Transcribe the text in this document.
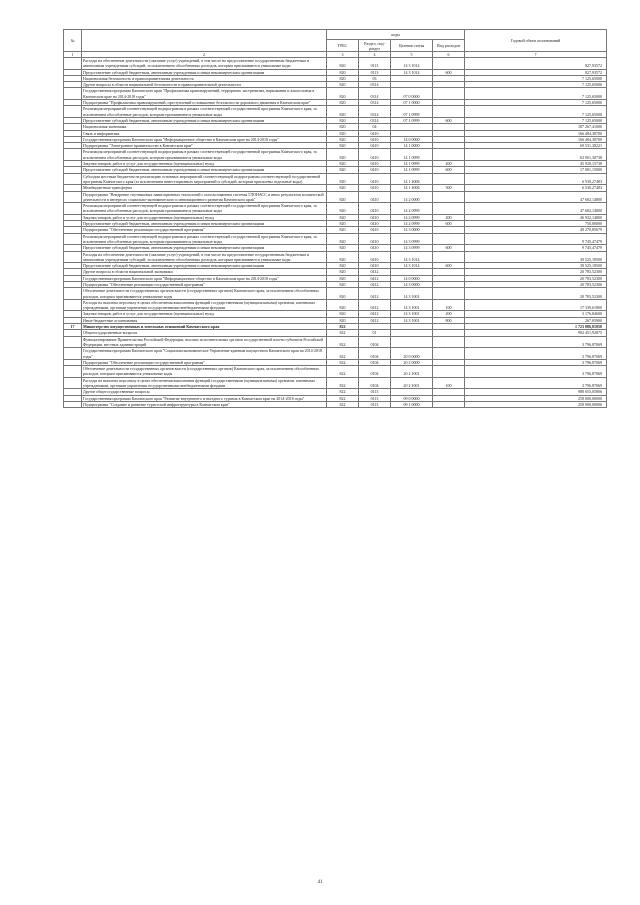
№		коды				Годовой объем ассигнований
		ГРБС	Раздел, под-раздел	Целевая статья	Вид расходов	
1	2	3	4	5	6	7
	Расходы на обеспечение деятельности (оказание услуг) учреждений, в том числе на предоставление государственным бюджетным и автономным учреждениям субсидий, за исключением обособленных расходов, которым присваиваются уникальные коды	820	0113	14 3 1014		827,93572
	Предоставление субсидий бюджетным, автономным учреждениям и иным некоммерческим организациям	820	0113	14 3 1014	600	827,93572
	Национальная безопасность и правоохранительная деятельность	820	03			7 125,65000
	Другие вопросы в области национальной безопасности и правоохранительной деятельности	820	0314			7 125,65000
	Государственная программа Камчатского края "Профилактика правонарушений, терроризма, экстремизма, наркомании и алкоголизма в Камчатском крае на 2014-2018 годы"	820	0314	07 0 0000		7 125,65000
	Подпрограмма "Профилактика правонарушений, преступлений и повышение безопасности дорожного движения в Камчатском крае"	820	0314	07 1 0000		7 125,65000
	Реализация мероприятий соответствующей подпрограммы в рамках соответствующей государственной программы Камчатского края, за исключением обособленных расходов, которым присваиваются уникальные коды	820	0314	07 1 0999		7 125,65000
	Предоставление субсидий бюджетным, автономным учреждениям и иным некоммерческим организациям	820	0314	07 1 0999	600	7 125,65000
	Национальная экономика	820	04			187 267,41000
	Связь и информатика	820	0410			166 484,38700
	Государственная программа Камчатского края "Информационное общество в Камчатском крае на 2014-2018 годы"	820	0410	14 0 0000		166 484,38700
	Подпрограмма "Электронное правительство в Камчатском крае"	820	0410	14 1 0000		69 531,38221
	Реализация мероприятий соответствующей подпрограммы в рамках соответствующей государственной программы Камчатского края, за исключением обособленных расходов, которым присваиваются уникальные коды	820	0410	14 1 0999		63 001,30738
	Закупка товаров, работ и услуг для государственных (муниципальных) нужд	820	0410	14 1 0999	200	45 920,15738
	Предоставление субсидий бюджетным, автономным учреждениям и иным некоммерческим организациям	820	0410	14 1 0999	600	17 081,15000
	Субсидии местным бюджетам на реализацию основных мероприятий соответствующей подпрограммы соответствующей государственной программы Камчатского края (за исключением инвестиционных мероприятий и субсидий, которым присвоены отдельные коды)	820	0410	14 1 4006		6 530,27483
	Межбюджетные трансферты	820	0410	14 1 4006	500	6 530,27483
	Подпрограмма "Внедрение спутниковых навигационных технологий с использованием системы ГЛОНАСС и иных результатов космической деятельности в интересах социально-экономического и инновационного развития Камчатского края"	820	0410	14 2 0000		47 682,14800
	Реализация мероприятий соответствующей подпрограммы в рамках соответствующей государственной программы Камчатского края, за исключением обособленных расходов, которым присваиваются уникальные коды	820	0410	14 2 0999		47 682,14800
	Закупка товаров, работ и услуг для государственных (муниципальных) нужд	820	0410	14 2 0999	200	46 932,14800
	Предоставление субсидий бюджетным, автономным учреждениям и иным некоммерческим организациям	820	0410	14 2 0999	600	750,00000
	Подпрограмма "Обеспечение реализации государственной программы"	820	0410	14 3 0000		49 270,85679
	Реализация мероприятий соответствующей подпрограммы в рамках соответствующей государственной программы Камчатского края, за исключением обособленных расходов, которым присваиваются уникальные коды	820	0410	14 3 0999		9 745,47479
	Предоставление субсидий бюджетным, автономным учреждениям и иным некоммерческим организациям	820	0410	14 3 0999	600	9 745,47479
	Расходы на обеспечение деятельности (оказание услуг) учреждений, в том числе на предоставление государственным бюджетным и автономным учреждениям субсидий, за исключением обособленных расходов, которым присваиваются уникальные коды	820	0410	14 3 1014		39 525,18500
	Предоставление субсидий бюджетным, автономным учреждениям и иным некоммерческим организациям	820	0410	14 3 1014	600	39 525,18500
	Другие вопросы в области национальной экономики	820	0412			20 783,52300
	Государственная программа Камчатского края "Информационное общество в Камчатском крае на 2014-2018 годы"	820	0412	14 0 0000		20 783,52300
	Подпрограмма "Обеспечение реализации государственной программы"	820	0412	14 3 0000		20 783,52300
	Обеспечение деятельности государственных органов власти (государственных органов) Камчатского края, за исключением обособленных расходов, которым присваиваются уникальные коды	820	0412	14 3 1001		20 783,52300
	Расходы на выплаты персоналу в целях обеспечения выполнения функций государственными (муниципальными) органами, казенными учреждениями, органами управления государственными внебюджетными фондами	820	0412	14 3 1001	100	17 339,61800
	Закупка товаров, работ и услуг для государственных (муниципальных) нужд	820	0412	14 3 1001	200	3 176,84600
	Иные бюджетные ассигнования	820	0412	14 3 1001	800	267,05900
17	Министерство имущественных и земельных отношений Камчатского края	822				1 723 086,81050
	Общегосударственные вопросы	822	01			992 451,92875
	Функционирование Правительства Российской Федерации, высших исполнительных органов государственной власти субъектов Российской Федерации, местных администраций	822	0104			3 796,87069
	Государственная программа Камчатского края "Социальноэкономическое Управление краевым имуществом Камчатского края на 2014-2018 годы"	822	0104	20 0 0000		3 796,87069
	Подпрограмма "Обеспечение реализации государственной программы"	822	0104	20 2 0000		3 796,87069
	Обеспечение деятельности государственных органов власти (государственных органов) Камчатского края, за исключением обособленных расходов, которым присваиваются уникальные коды	822	0104	20 2 1001		3 796,87069
	Расходы на выплаты персоналу в целях обеспечения выполнения функций государственными (муниципальными) органами, казенными учреждениями, органами управления государственными внебюджетными фондами	822	0104	20 2 1001	100	3 796,87069
	Другие общегосударственные вопросы	822	0113			988 655,05806
	Государственная программа Камчатского края "Развитие внутреннего и въездного туризма в Камчатском крае на 2014-2018 годы"	822	0113	09 0 0000		258 000,00000
	Подпрограмма "Создание и развитие туристской инфраструктуры в Камчатском крае"	822	0113	09 1 0000		258 000,00000
41
